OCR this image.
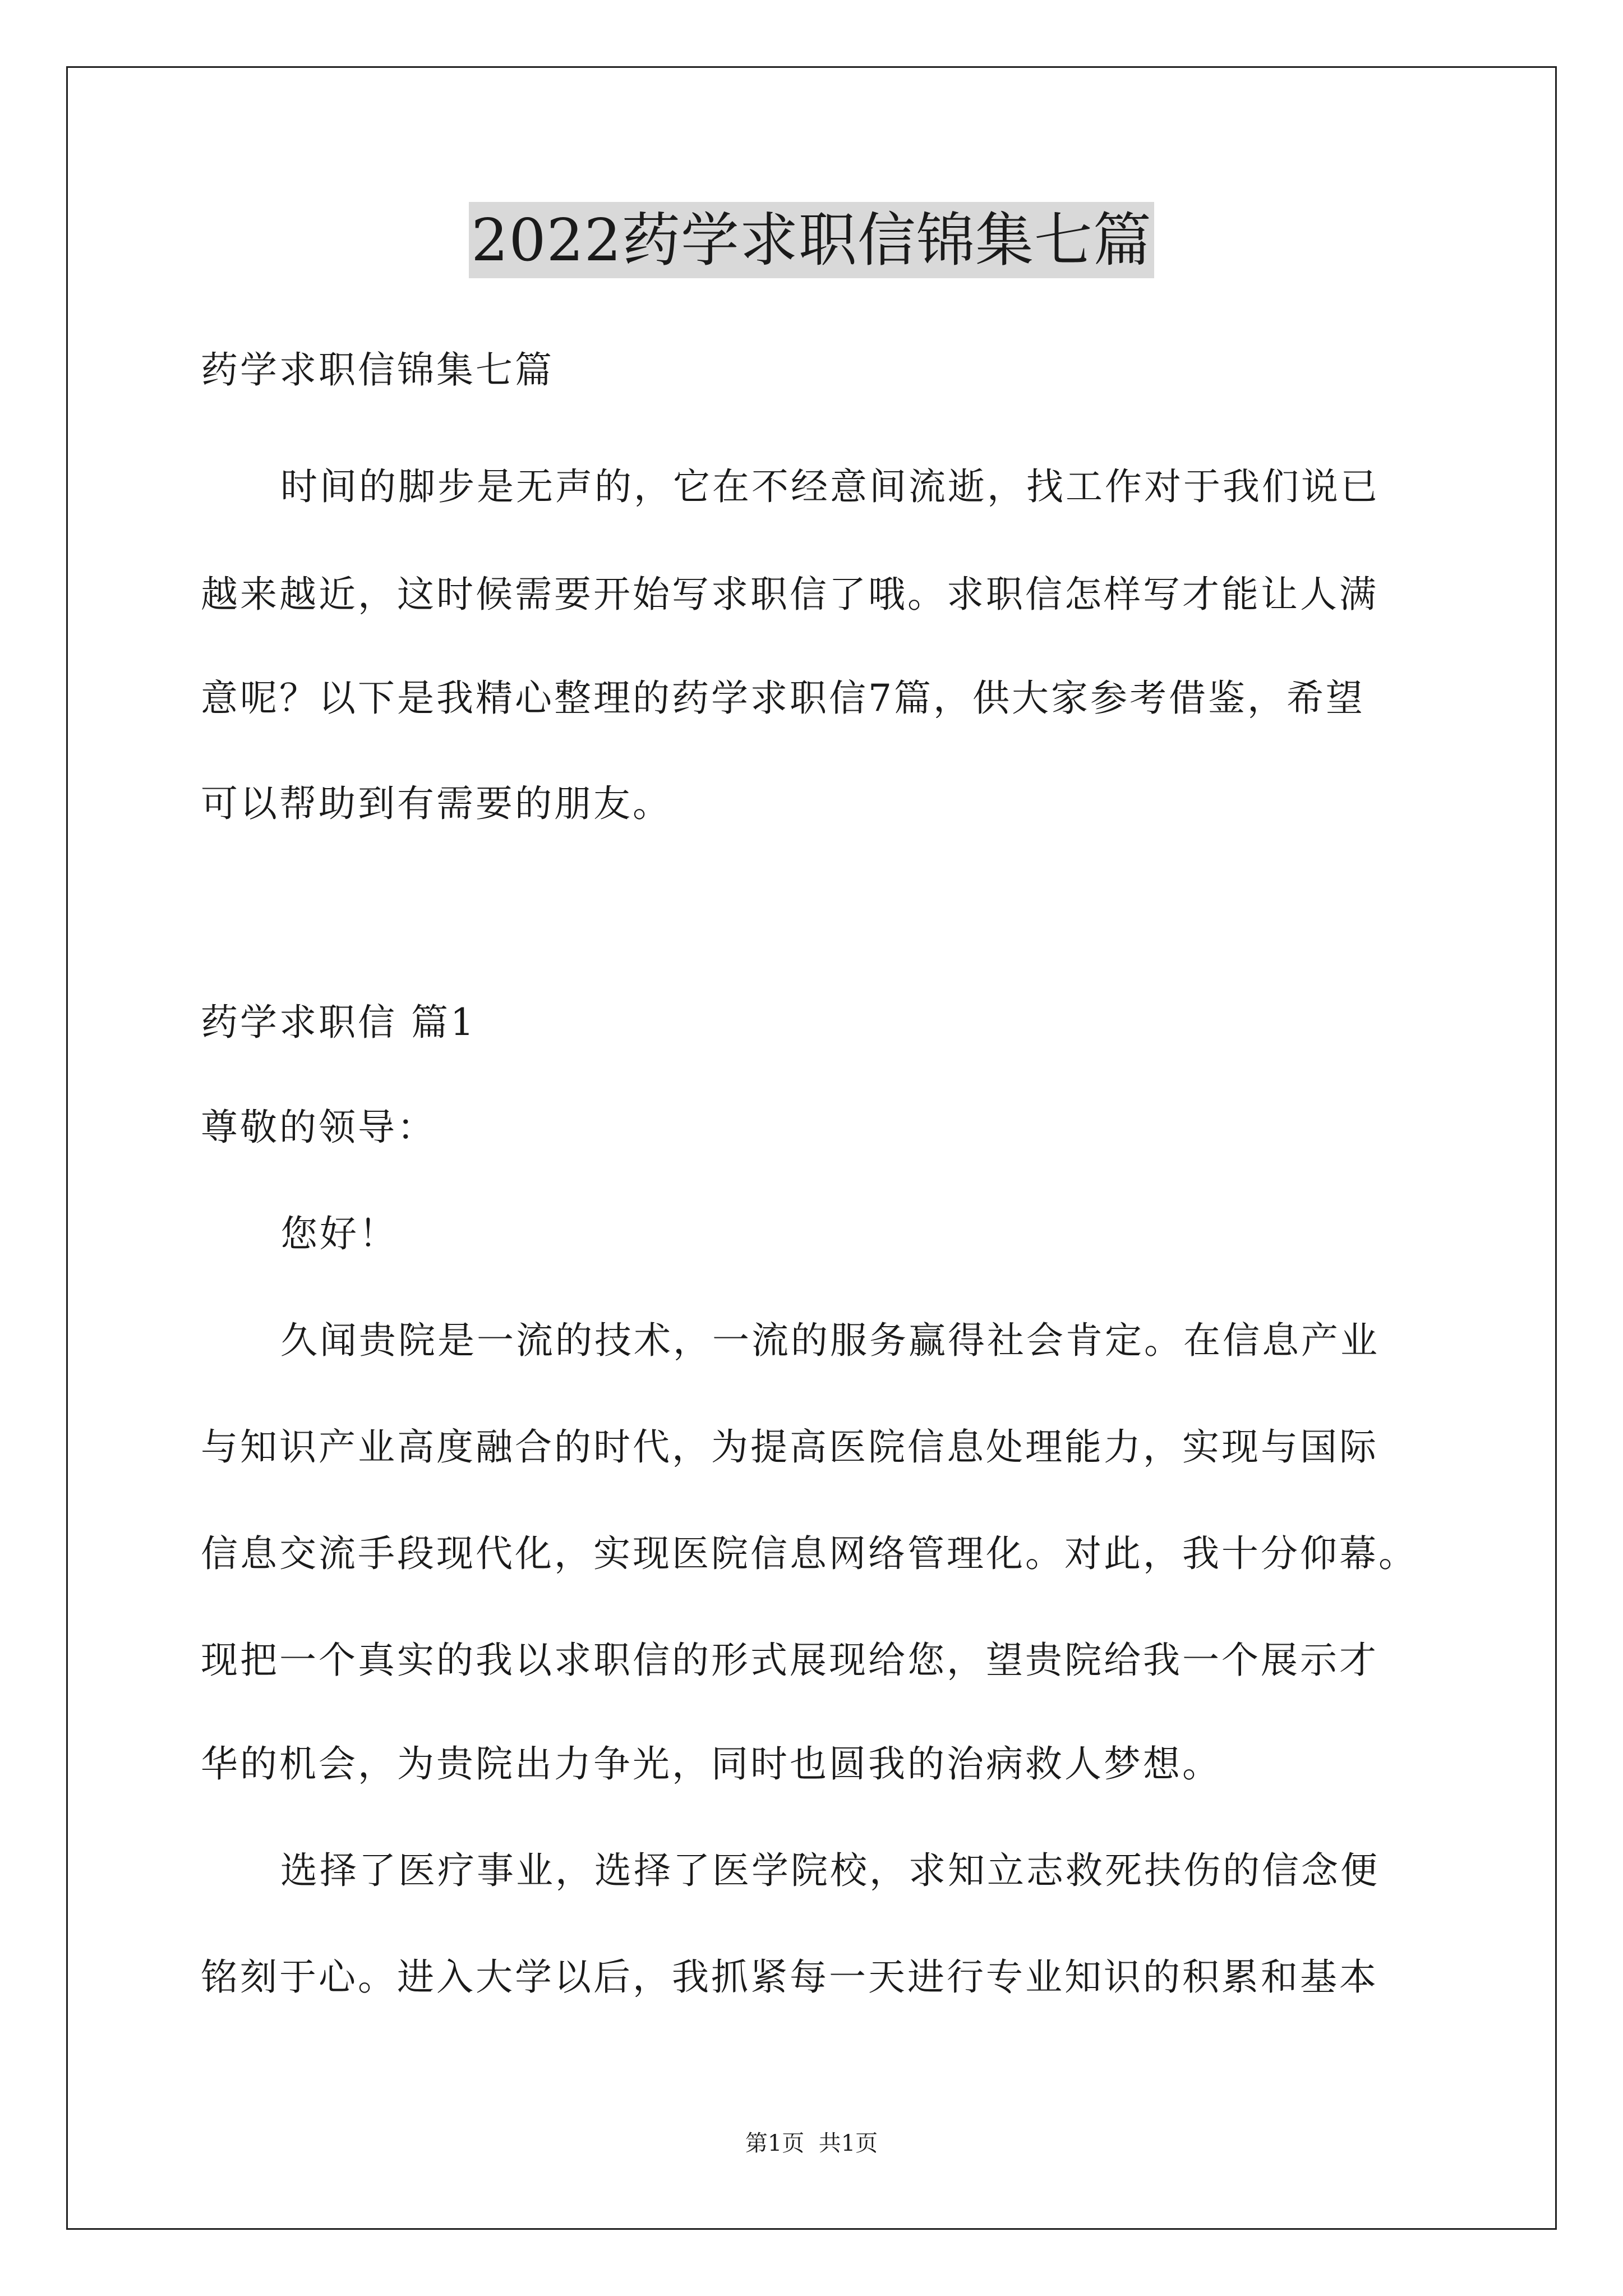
2022药学求职信锦集七篇
药学求职信锦集七篇
时间的脚步是无声的，它在不经意间流逝，找工作对于我们说已
越来越近，这时候需要开始写求职信了哦。求职信怎样写才能让人满
意呢？以下是我精心整理的药学求职信7篇，供大家参考借鉴，希望
可以帮助到有需要的朋友。
药学求职信 篇1
尊敬的领导：
您好！
久闻贵院是一流的技术，一流的服务赢得社会肯定。在信息产业
与知识产业高度融合的时代，为提高医院信息处理能力，实现与国际
信息交流手段现代化，实现医院信息网络管理化。对此，我十分仰幕。
现把一个真实的我以求职信的形式展现给您，望贵院给我一个展示才
华的机会，为贵院出力争光，同时也圆我的治病救人梦想。
选择了医疗事业，选择了医学院校，求知立志救死扶伤的信念便
铭刻于心。进入大学以后，我抓紧每一天进行专业知识的积累和基本
第1页  共1页
